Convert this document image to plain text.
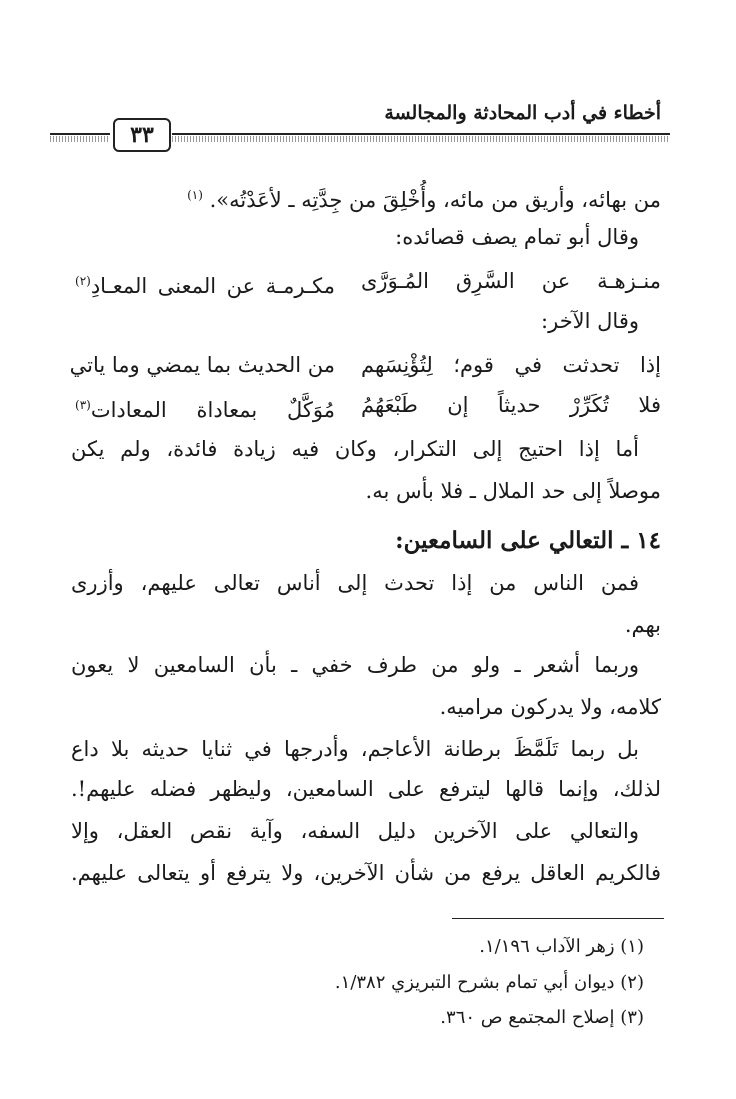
أخطاء في أدب المحادثة والمجالسة
٣٣
من بهائه، وأريق من مائه، وأُخْلِقَ من جِدَّتِه ـ لأعَدْتُه». $^{(١)}$
وقال أبو تمام يصف قصائده:
منـزهـة عن السَّرِق المُـوَرَّى
مكـرمـة عن المعنى المعـادِ$^{(٢)}$
وقال الآخر:
إذا تحدثت في قوم؛ لِتُؤْنِسَهم
من الحديث بما يمضي وما ياتي
فلا تُكَرِّرْ حديثاً إن طَبْعَهُمُ
مُوَكَّلٌ بمعاداة المعادات$^{(٣)}$
أما إذا احتيج إلى التكرار، وكان فيه زيادة فائدة، ولم يكن
موصلاً إلى حد الملال ـ فلا بأس به.
١٤ ـ التعالي على السامعين:
فمن الناس من إذا تحدث إلى أناس تعالى عليهم، وأزرى
بهم.
وربما أشعر ـ ولو من طرف خفي ـ بأن السامعين لا يعون
كلامه، ولا يدركون مراميه.
بل ربما تَلَمَّظَ برطانة الأعاجم، وأدرجها في ثنايا حديثه بلا داع
لذلك، وإنما قالها ليترفع على السامعين، وليظهر فضله عليهم!.
والتعالي على الآخرين دليل السفه، وآية نقص العقل، وإلا
فالكريم العاقل يرفع من شأن الآخرين، ولا يترفع أو يتعالى عليهم.
(١) زهر الآداب ١/١٩٦.
(٢) ديوان أبي تمام بشرح التبريزي ١/٣٨٢.
(٣) إصلاح المجتمع ص ٣٦٠.
